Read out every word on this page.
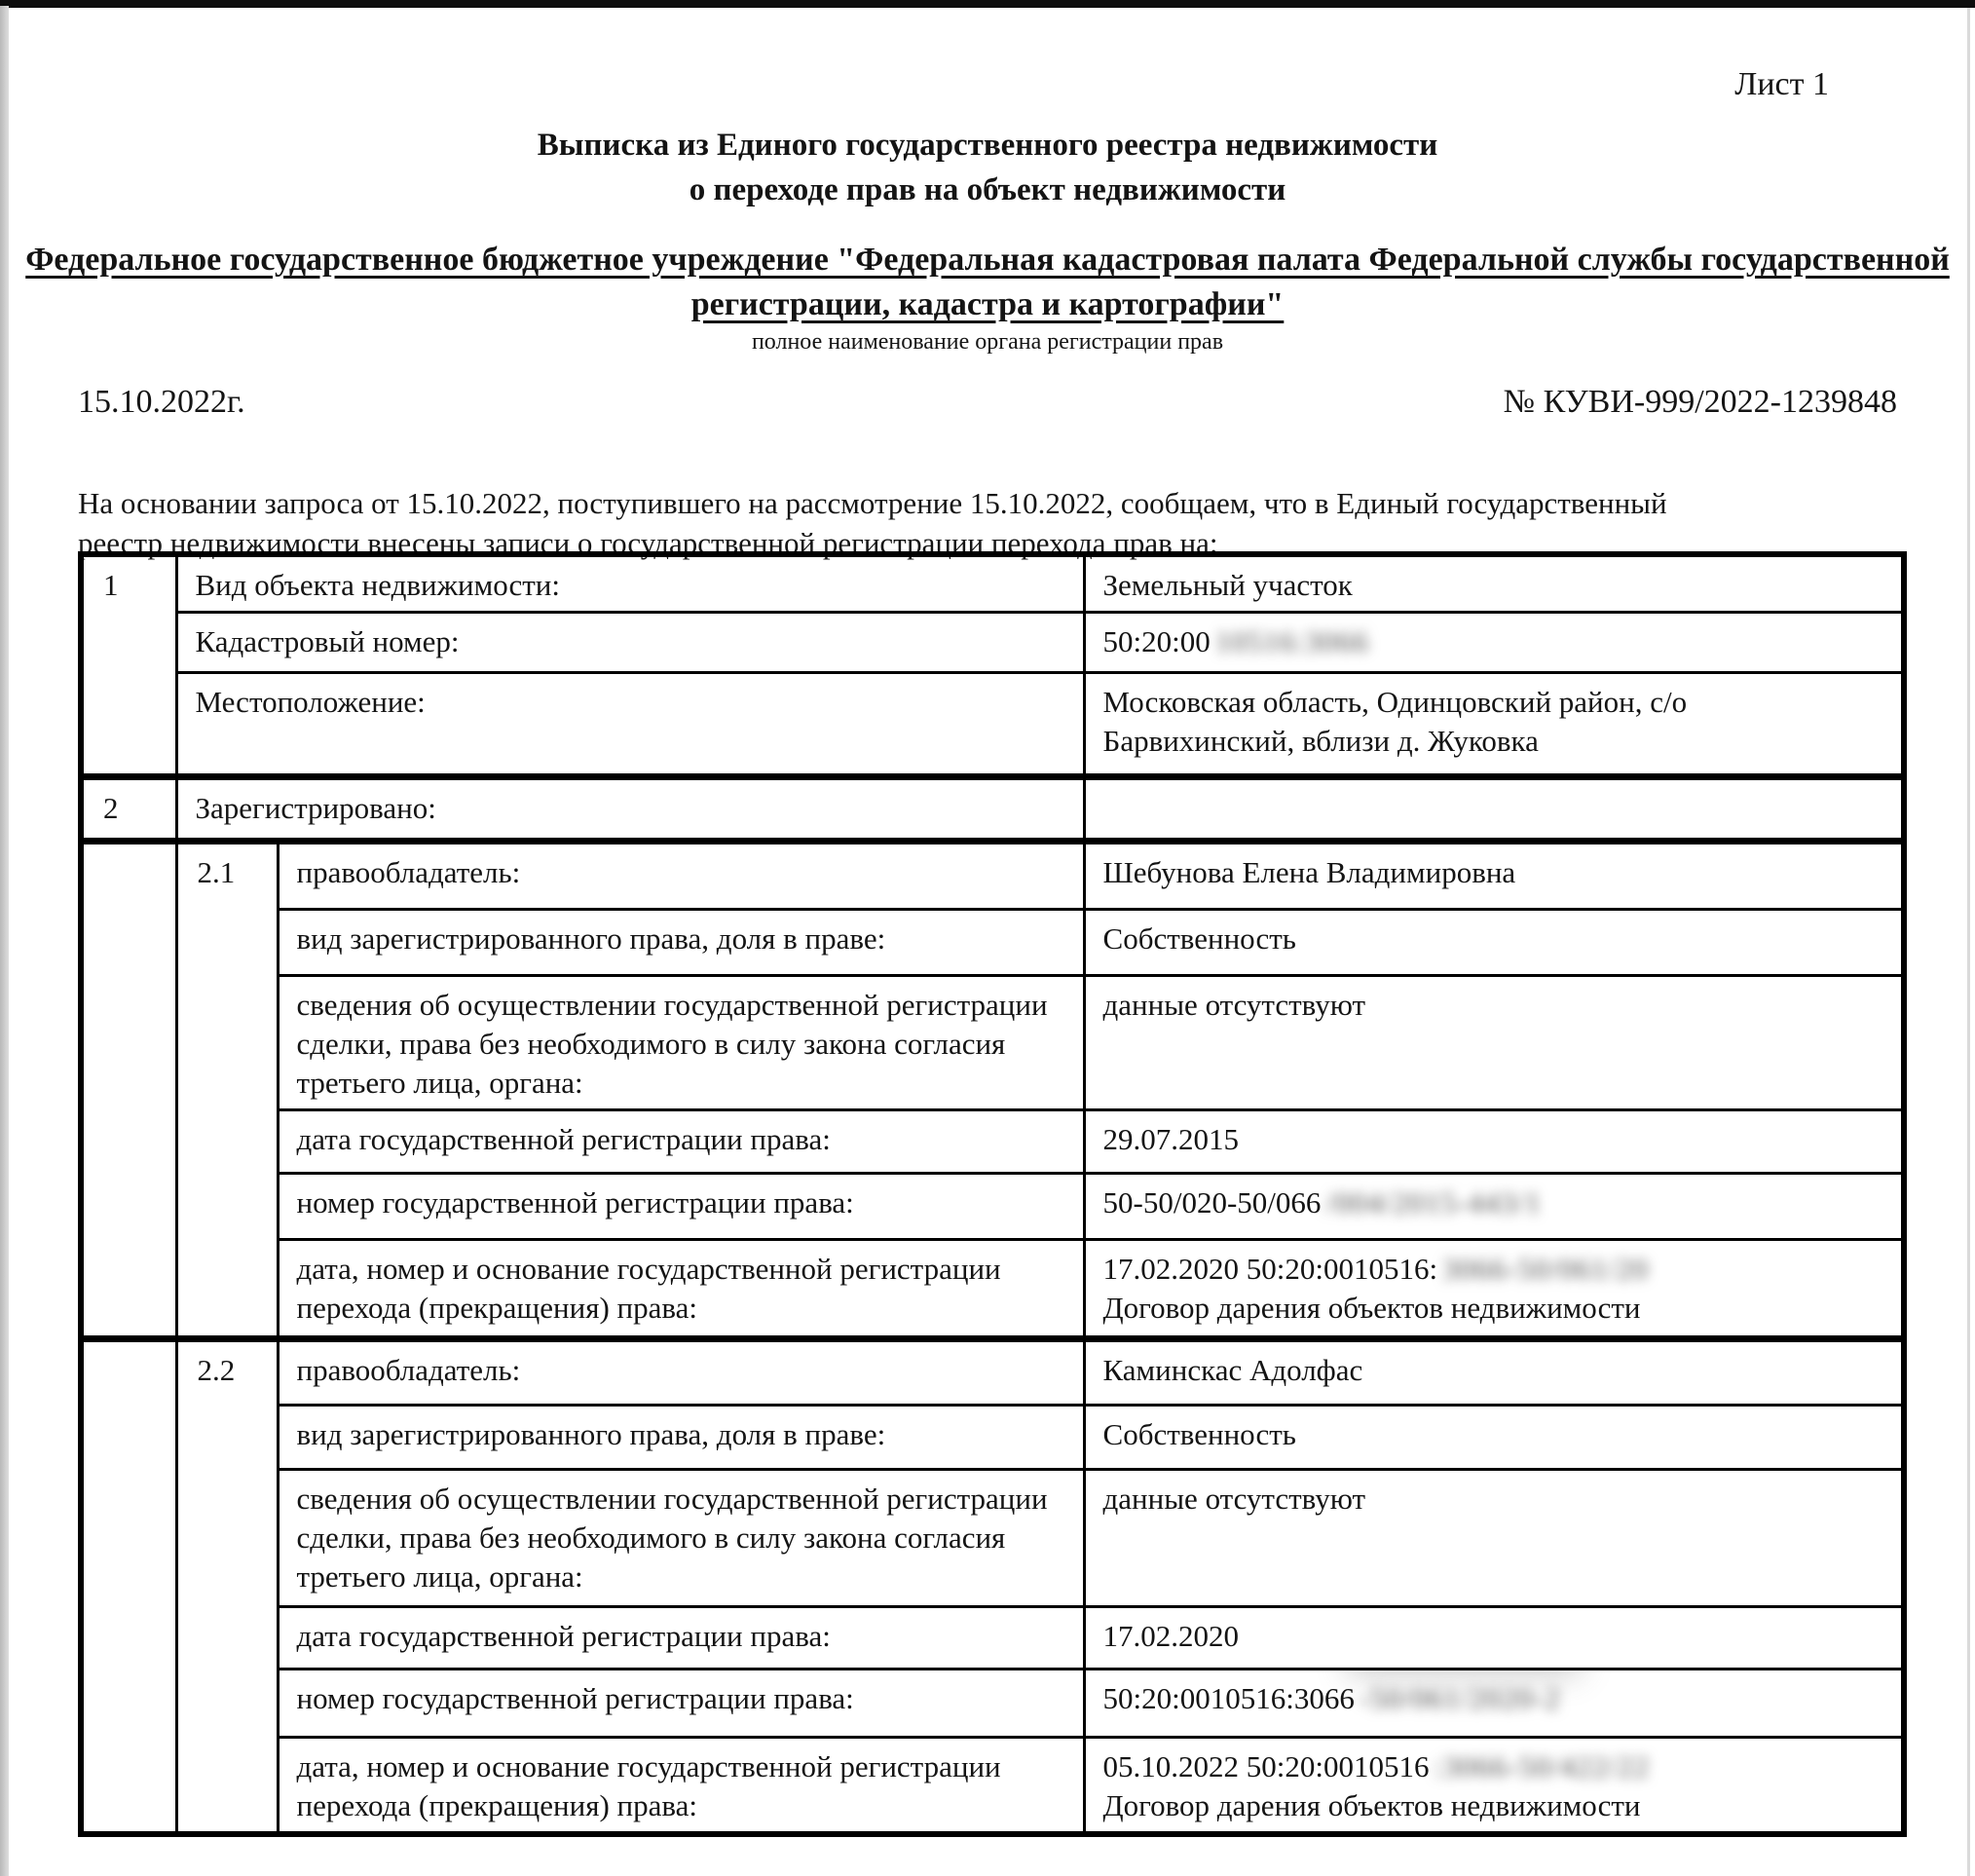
Лист 1
Выписка из Единого государственного реестра недвижимости
о переходе прав на объект недвижимости
Федеральное государственное бюджетное учреждение "Федеральная кадастровая палата Федеральной службы государственной
регистрации, кадастра и картографии"
полное наименование органа регистрации прав
15.10.2022г.	№ КУВИ-999/2022-1239848
На основании запроса от 15.10.2022, поступившего на рассмотрение 15.10.2022, сообщаем, что в Единый государственный
реестр недвижимости внесены записи о государственной регистрации перехода прав на:
1	Вид объекта недвижимости:		Земельный участок
	Кадастровый номер:		50:20:00 10516:3066
	Местоположение:		Московская область, Одинцовский район, с/о
Барвихинский, вблизи д. Жуковка
2	Зарегистрировано:		
	2.1	правообладатель:	Шебунова Елена Владимировна
		вид зарегистрированного права, доля в праве:	Собственность
		сведения об осуществлении государственной регистрации сделки, права без необходимого в силу закона согласия третьего лица, органа:	данные отсутствуют
		дата государственной регистрации права:	29.07.2015
		номер государственной регистрации права:	50-50/020-50/066 /004/2015-443/1
		дата, номер и основание государственной регистрации перехода (прекращения) права:	17.02.2020 50:20:0010516: 3066-50/061/20
Договор дарения объектов недвижимости
	2.2	правообладатель:	Каминскас Адолфас
		вид зарегистрированного права, доля в праве:	Собственность
		сведения об осуществлении государственной регистрации сделки, права без необходимого в силу закона согласия третьего лица, органа:	данные отсутствуют
		дата государственной регистрации права:	17.02.2020
		номер государственной регистрации права:	50:20:0010516:3066 -50/061/2020-2
		дата, номер и основание государственной регистрации перехода (прекращения) права:	05.10.2022 50:20:0010516 :3066-50/422/22
Договор дарения объектов недвижимости
